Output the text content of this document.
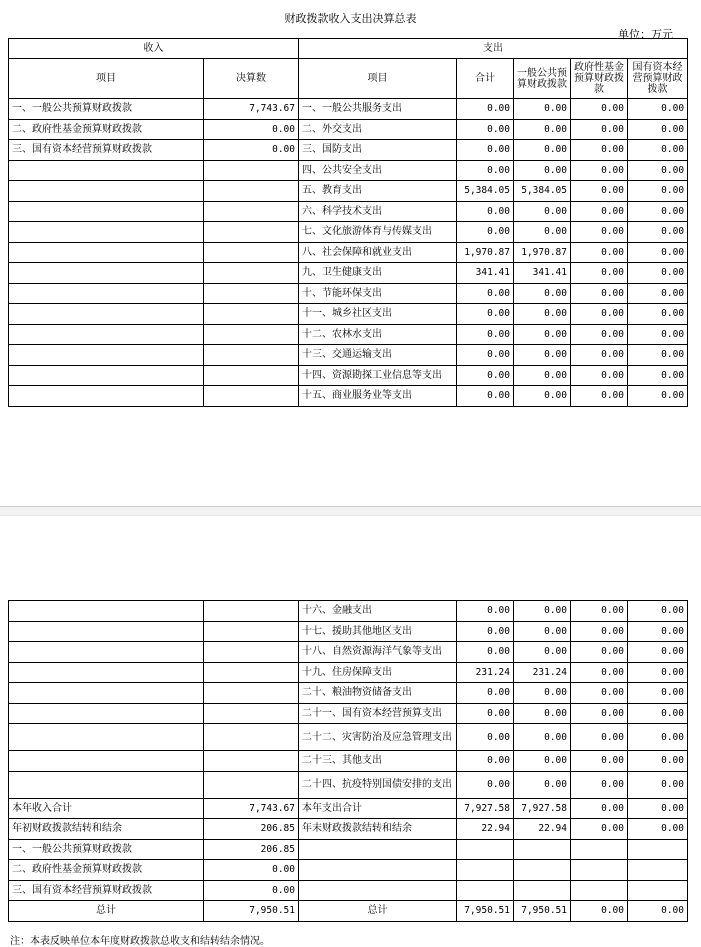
财政拨款收入支出决算总表
单位：万元
收入		支出				
项目	决算数	项目	合计	一般公共预算财政拨款	政府性基金预算财政拨款	国有资本经营预算财政拨款
一、一般公共预算财政拨款	7,743.67	一、一般公共服务支出	0.00	0.00	0.00	0.00
二、政府性基金预算财政拨款	0.00	二、外交支出	0.00	0.00	0.00	0.00
三、国有资本经营预算财政拨款	0.00	三、国防支出	0.00	0.00	0.00	0.00
		四、公共安全支出	0.00	0.00	0.00	0.00
		五、教育支出	5,384.05	5,384.05	0.00	0.00
		六、科学技术支出	0.00	0.00	0.00	0.00
		七、文化旅游体育与传媒支出	0.00	0.00	0.00	0.00
		八、社会保障和就业支出	1,970.87	1,970.87	0.00	0.00
		九、卫生健康支出	341.41	341.41	0.00	0.00
		十、节能环保支出	0.00	0.00	0.00	0.00
		十一、城乡社区支出	0.00	0.00	0.00	0.00
		十二、农林水支出	0.00	0.00	0.00	0.00
		十三、交通运输支出	0.00	0.00	0.00	0.00
		十四、资源勘探工业信息等支出	0.00	0.00	0.00	0.00
		十五、商业服务业等支出	0.00	0.00	0.00	0.00
		十六、金融支出	0.00	0.00	0.00	0.00
		十七、援助其他地区支出	0.00	0.00	0.00	0.00
		十八、自然资源海洋气象等支出	0.00	0.00	0.00	0.00
		十九、住房保障支出	231.24	231.24	0.00	0.00
		二十、粮油物资储备支出	0.00	0.00	0.00	0.00
		二十一、国有资本经营预算支出	0.00	0.00	0.00	0.00
		二十二、灾害防治及应急管理支出	0.00	0.00	0.00	0.00
		二十三、其他支出	0.00	0.00	0.00	0.00
		二十四、抗疫特别国债安排的支出	0.00	0.00	0.00	0.00
本年收入合计	7,743.67	本年支出合计	7,927.58	7,927.58	0.00	0.00
年初财政拨款结转和结余	206.85	年末财政拨款结转和结余	22.94	22.94	0.00	0.00
一、一般公共预算财政拨款	206.85					
二、政府性基金预算财政拨款	0.00					
三、国有资本经营预算财政拨款	0.00					
总计	7,950.51	总计	7,950.51	7,950.51	0.00	0.00
注：本表反映单位本年度财政拨款总收支和结转结余情况。
